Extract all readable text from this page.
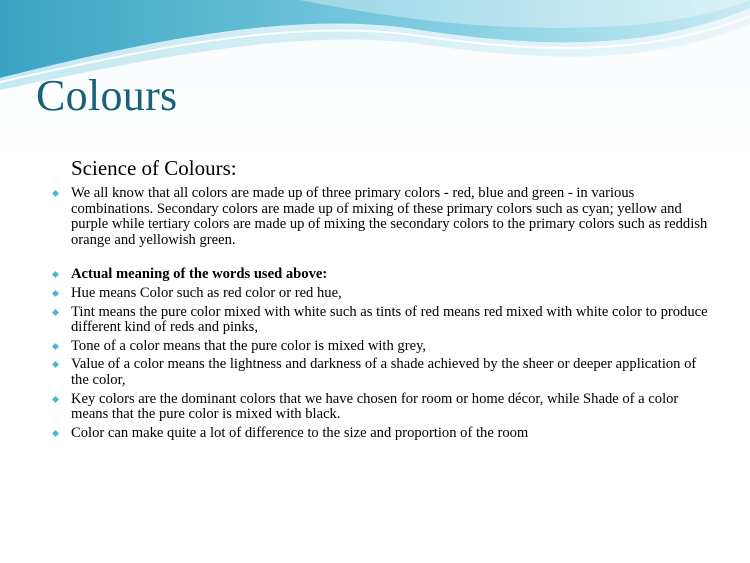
Colours
Science of Colours:
We all know that all colors are made up of three primary colors - red, blue and green - in various combinations. Secondary colors are made up of mixing of these primary colors such as cyan; yellow and purple while tertiary colors are made up of mixing the secondary colors to the primary colors such as reddish orange and yellowish green.
Actual meaning of the words used above:
Hue means Color such as red color or red hue,
Tint means the pure color mixed with white such as tints of red means red mixed with white color to produce different kind of reds and pinks,
Tone of a color means that the pure color is mixed with grey,
Value of a color means the lightness and darkness of a shade achieved by the sheer or deeper application of the color,
Key colors are the dominant colors that we have chosen for room or home décor, while Shade of a color means that the pure color is mixed with black.
Color can make quite a lot of difference to the size and proportion of the room
